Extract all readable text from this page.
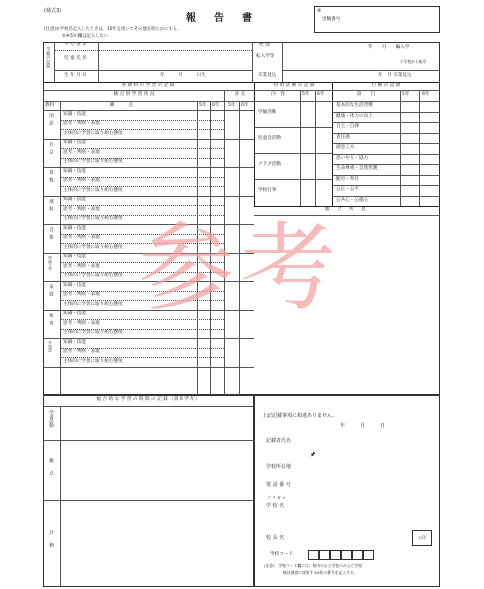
(様式3)
報　告　書
(注意)①学校名記入したときは、10年を用いてその他を明らかにする。
②※印の欄は記入しない
※
受験番号
学籍の記録
フ リ ガ ナ
児 童 氏 名
生 年 月 日	年　　　月　　　日生
性 別
転入学等
年　　月　　編入学
小学校から転学
卒業見込	年　月 卒業見込
各 教 科 の 学 習 の 記 録	特 別 活 動 の 記 録	行 動 の 記 録
観 点 別 学 習 状 況	評 定
教科	観　　　点	5年 6年 5年 6年
国語 知識・技能
思考・判断・表現
主体的に学習に取り組む態度
社会 知識・技能
思考・判断・表現
主体的に学習に取り組む態度
算数 知識・技能
思考・判断・表現
主体的に学習に取り組む態度
理科 知識・技能
思考・判断・表現
主体的に学習に取り組む態度
音楽 知識・技能
思考・判断・表現
主体的に学習に取り組む態度
図画工作 知識・技能
思考・判断・表現
主体的に学習に取り組む態度
家庭 知識・技能
思考・判断・表現
主体的に学習に取り組む態度
体育 知識・技能
思考・判断・表現
主体的に学習に取り組む態度
外国語 知識・技能
思考・判断・表現
主体的に学習に取り組む態度
内　容	5年 6年
学級活動
児童会活動
クラブ活動
学校行事
項　　目	5年	6年
基本的な生活習慣
健康・体力の向上
自主・自律
責任感
創意工夫
思いやり・協力
生命尊重・自然愛護
勤労・奉仕
公正・公平
公共心・公徳心
総 合 所 見
参考
総 合 的 な 学 習 の 時 間 の 記 録 （第 6 学 年）
学習活動
観点
評価
上記記載事項に相違ありません。
年　　　月　　　日
記載者氏名
🖈
学校所在地
電 話 番 号
フ リ ガ ナ
学 校 名
校 長 名	公印
学校コード
(注意)　学校コード欄には、県内の公立学校のみ公立学校
統計調査に使用する6桁の番号を記入する。
